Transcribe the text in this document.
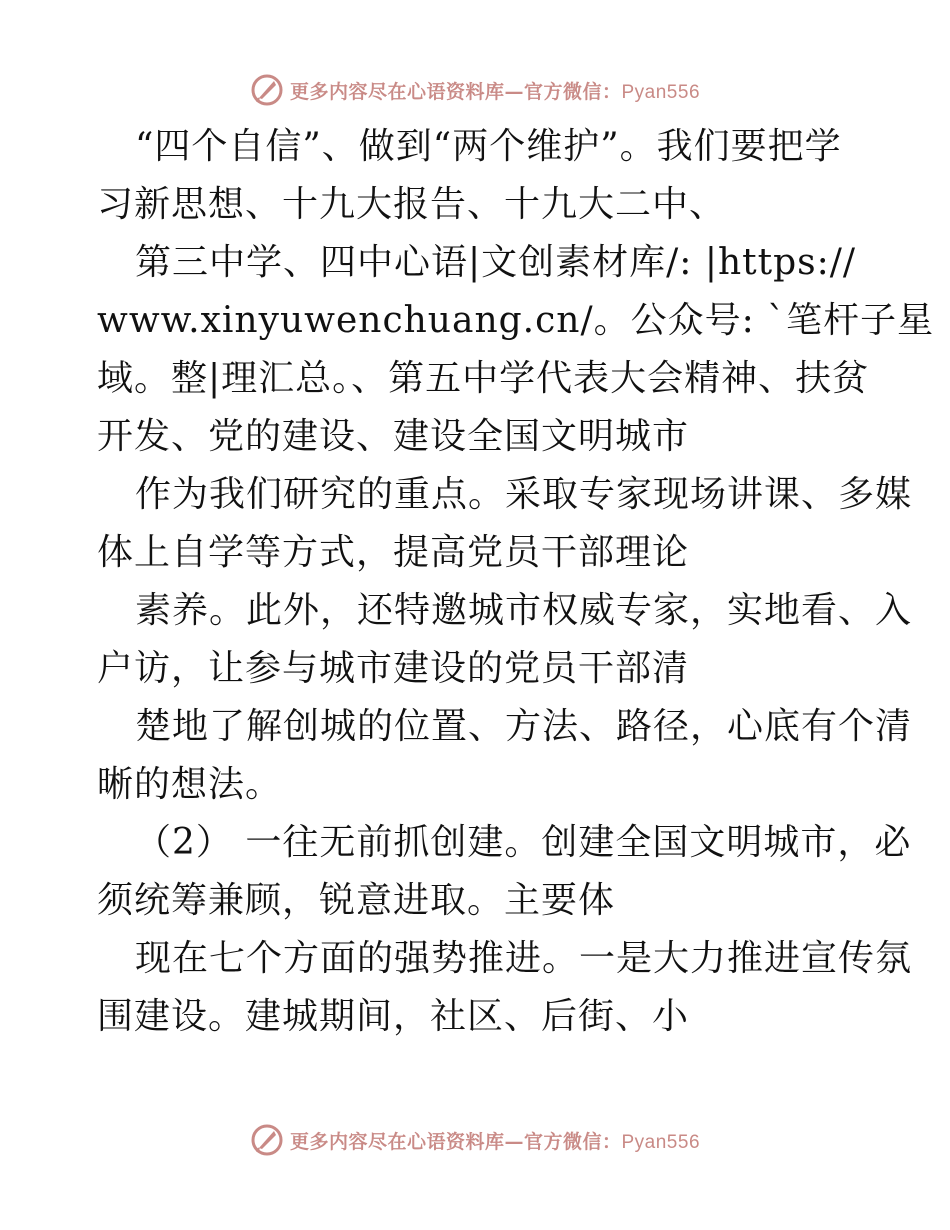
更多内容尽在心语资料库—官方微信：Pyan556
“四个自信”、做到“两个维护”。我们要把学
习新思想、十九大报告、十九大二中、
第三中学、四中心语|文创素材库/: |https://
www.xinyuwenchuang.cn/。公众号: `笔杆子星
域。整|理汇总。、第五中学代表大会精神、扶贫
开发、党的建设、建设全国文明城市
作为我们研究的重点。采取专家现场讲课、多媒
体上自学等方式，提高党员干部理论
素养。此外，还特邀城市权威专家，实地看、入
户访，让参与城市建设的党员干部清
楚地了解创城的位置、方法、路径，心底有个清
晰的想法。
（2） 一往无前抓创建。创建全国文明城市，必
须统筹兼顾，锐意进取。主要体
现在七个方面的强势推进。一是大力推进宣传氛
围建设。建城期间，社区、后街、小
更多内容尽在心语资料库—官方微信：Pyan556
